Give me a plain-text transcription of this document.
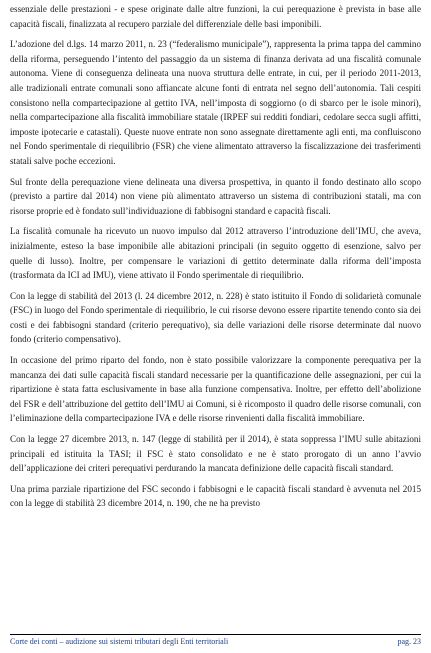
essenziale delle prestazioni - e spese originate dalle altre funzioni, la cui perequazione è prevista in base alle capacità fiscali, finalizzata al recupero parziale del differenziale delle basi imponibili.

L’adozione del d.lgs. 14 marzo 2011, n. 23 (“federalismo municipale”), rappresenta la prima tappa del cammino della riforma, perseguendo l’intento del passaggio da un sistema di finanza derivata ad una fiscalità comunale autonoma. Viene di conseguenza delineata una nuova struttura delle entrate, in cui, per il periodo 2011-2013, alle tradizionali entrate comunali sono affiancate alcune fonti di entrata nel segno dell’autonomia. Tali cespiti consistono nella compartecipazione al gettito IVA, nell’imposta di soggiorno (o di sbarco per le isole minori), nella compartecipazione alla fiscalità immobiliare statale (IRPEF sui redditi fondiari, cedolare secca sugli affitti, imposte ipotecarie e catastali). Queste nuove entrate non sono assegnate direttamente agli enti, ma confluiscono nel Fondo sperimentale di riequilibrio (FSR) che viene alimentato attraverso la fiscalizzazione dei trasferimenti statali salve poche eccezioni.

Sul fronte della perequazione viene delineata una diversa prospettiva, in quanto il fondo destinato allo scopo (previsto a partire dal 2014) non viene più alimentato attraverso un sistema di contribuzioni statali, ma con risorse proprie ed è fondato sull’individuazione di fabbisogni standard e capacità fiscali.

La fiscalità comunale ha ricevuto un nuovo impulso dal 2012 attraverso l’introduzione dell’IMU, che aveva, inizialmente, esteso la base imponibile alle abitazioni principali (in seguito oggetto di esenzione, salvo per quelle di lusso). Inoltre, per compensare le variazioni di gettito determinate dalla riforma dell’imposta (trasformata da ICI ad IMU), viene attivato il Fondo sperimentale di riequilibrio.

Con la legge di stabilità del 2013 (l. 24 dicembre 2012, n. 228) è stato istituito il Fondo di solidarietà comunale (FSC) in luogo del Fondo sperimentale di riequilibrio, le cui risorse devono essere ripartite tenendo conto sia dei costi e dei fabbisogni standard (criterio perequativo), sia delle variazioni delle risorse determinate dal nuovo fondo (criterio compensativo).

In occasione del primo riparto del fondo, non è stato possibile valorizzare la componente perequativa per la mancanza dei dati sulle capacità fiscali standard necessarie per la quantificazione delle assegnazioni, per cui la ripartizione è stata fatta esclusivamente in base alla funzione compensativa. Inoltre, per effetto dell’abolizione del FSR e dell’attribuzione del gettito dell’IMU ai Comuni, si è ricomposto il quadro delle risorse comunali, con l’eliminazione della compartecipazione IVA e delle risorse rinvenienti dalla fiscalità immobiliare.

Con la legge 27 dicembre 2013, n. 147 (legge di stabilità per il 2014), è stata soppressa l’IMU sulle abitazioni principali ed istituita la TASI; il FSC è stato consolidato e ne è stato prorogato di un anno l’avvio dell’applicazione dei criteri perequativi perdurando la mancata definizione delle capacità fiscali standard.

Una prima parziale ripartizione del FSC secondo i fabbisogni e le capacità fiscali standard è avvenuta nel 2015 con la legge di stabilità 23 dicembre 2014, n. 190, che ne ha previsto

Corte dei conti – audizione sui sistemi tributari degli Enti territoriali	pag. 23
